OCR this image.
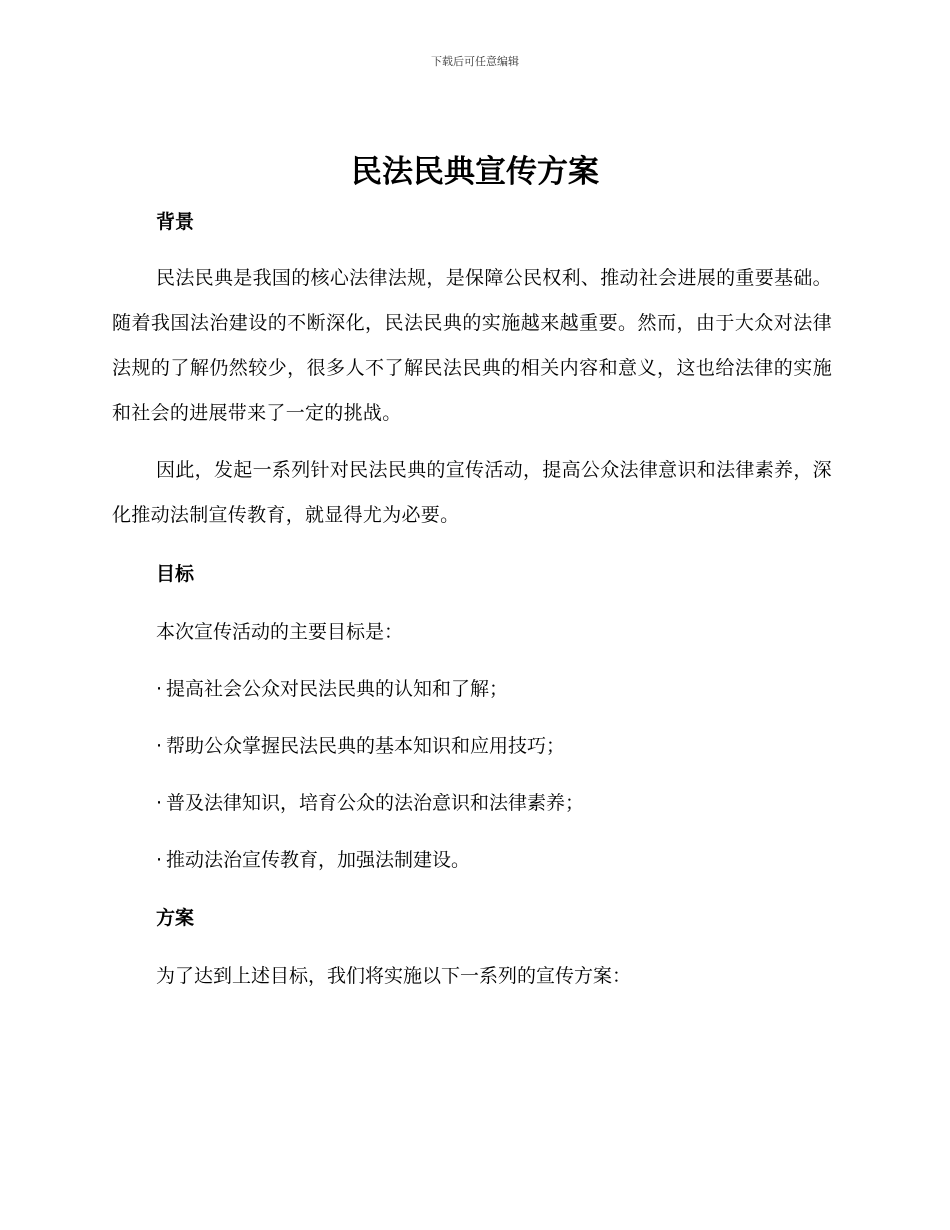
下载后可任意编辑
民法民典宣传方案
背景

民法民典是我国的核心法律法规，是保障公民权利、推动社会进展的重要基础。随着我国法治建设的不断深化，民法民典的实施越来越重要。然而，由于大众对法律法规的了解仍然较少，很多人不了解民法民典的相关内容和意义，这也给法律的实施和社会的进展带来了一定的挑战。

因此，发起一系列针对民法民典的宣传活动，提高公众法律意识和法律素养，深化推动法制宣传教育，就显得尤为必要。

目标

本次宣传活动的主要目标是：

· 提高社会公众对民法民典的认知和了解；

· 帮助公众掌握民法民典的基本知识和应用技巧；

· 普及法律知识，培育公众的法治意识和法律素养；

· 推动法治宣传教育，加强法制建设。

方案

为了达到上述目标，我们将实施以下一系列的宣传方案：
